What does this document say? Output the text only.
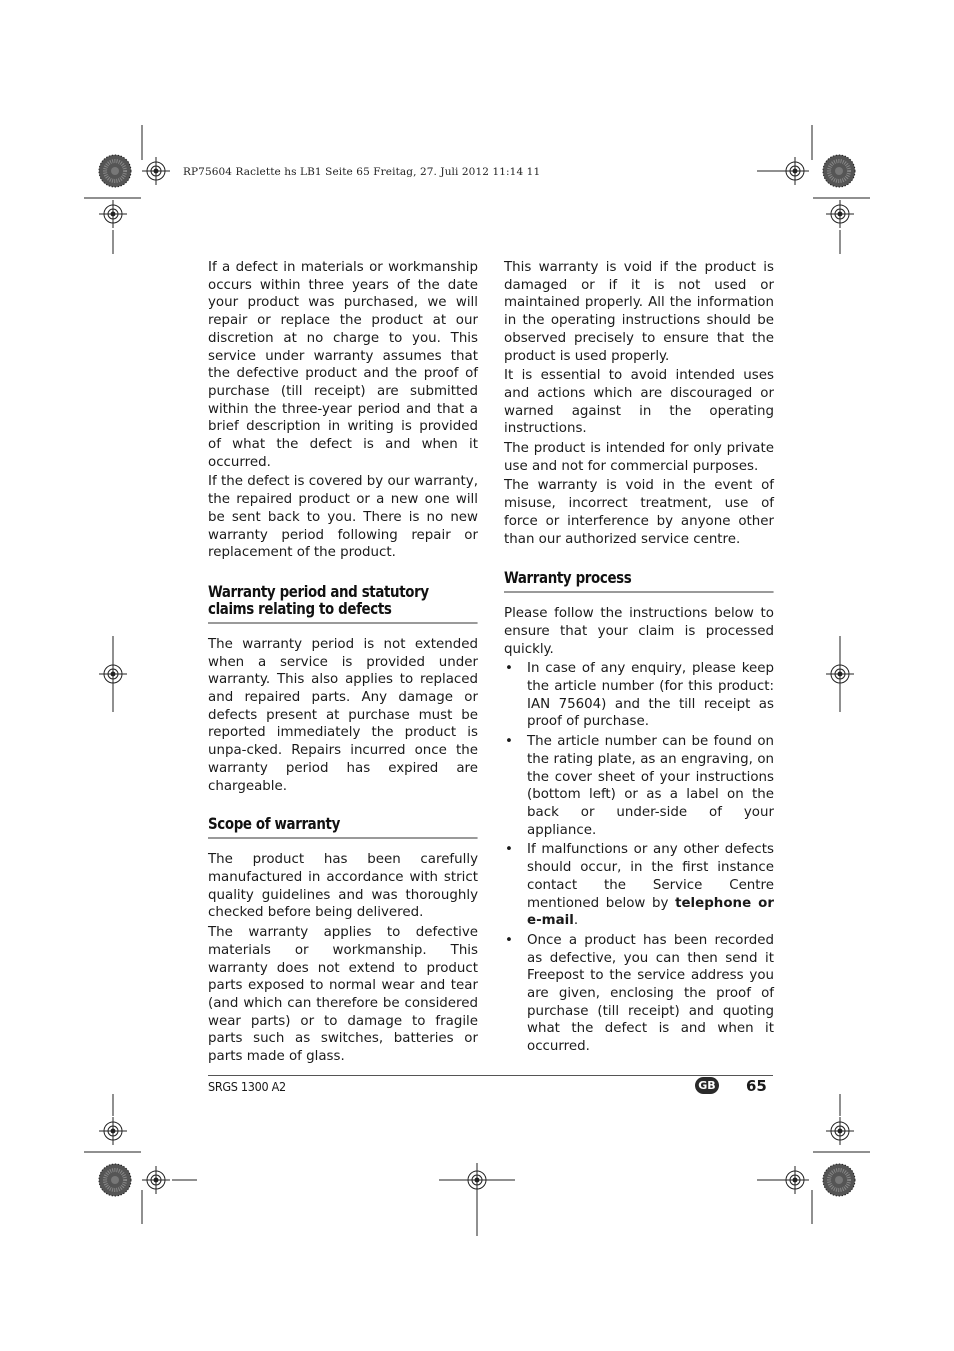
RP75604 Raclette hs LB1 Seite 65 Freitag, 27. Juli 2012 11:14 11

If a defect in materials or workmanship occurs within three years of the date your product was purchased, we will repair or replace the product at our discretion at no charge to you. This service under warranty assumes that the defective product and the proof of purchase (till receipt) are submitted within the three-year period and that a brief description in writing is provided of what the defect is and when it occurred.

If the defect is covered by our warranty, the repaired product or a new one will be sent back to you. There is no new warranty period following repair or replacement of the product.

Warranty period and statutory claims relating to defects

The warranty period is not extended when a service is provided under warranty. This also applies to replaced and repaired parts. Any damage or defects present at purchase must be reported immediately the product is unpa-cked. Repairs incurred once the warranty period has expired are chargeable.

Scope of warranty

The product has been carefully manufactured in accordance with strict quality guidelines and was thoroughly checked before being delivered.

The warranty applies to defective materials or workmanship. This warranty does not extend to product parts exposed to normal wear and tear (and which can therefore be considered wear parts) or to damage to fragile parts such as switches, batteries or parts made of glass.

This warranty is void if the product is damaged or if it is not used or maintained properly. All the information in the operating instructions should be observed precisely to ensure that the product is used properly.

It is essential to avoid intended uses and actions which are discouraged or warned against in the operating instructions.

The product is intended for only private use and not for commercial purposes.

The warranty is void in the event of misuse, incorrect treatment, use of force or interference by anyone other than our authorized service centre.

Warranty process

Please follow the instructions below to ensure that your claim is processed quickly.

• In case of any enquiry, please keep the article number (for this product: IAN 75604) and the till receipt as proof of purchase.
• The article number can be found on the rating plate, as an engraving, on the cover sheet of your instructions (bottom left) or as a label on the back or under-side of your appliance.
• If malfunctions or any other defects should occur, in the first instance contact the Service Centre mentioned below by telephone or e-mail.
• Once a product has been recorded as defective, you can then send it Freepost to the service address you are given, enclosing the proof of purchase (till receipt) and quoting what the defect is and when it occurred.
SRGS 1300 A2	GB 65
